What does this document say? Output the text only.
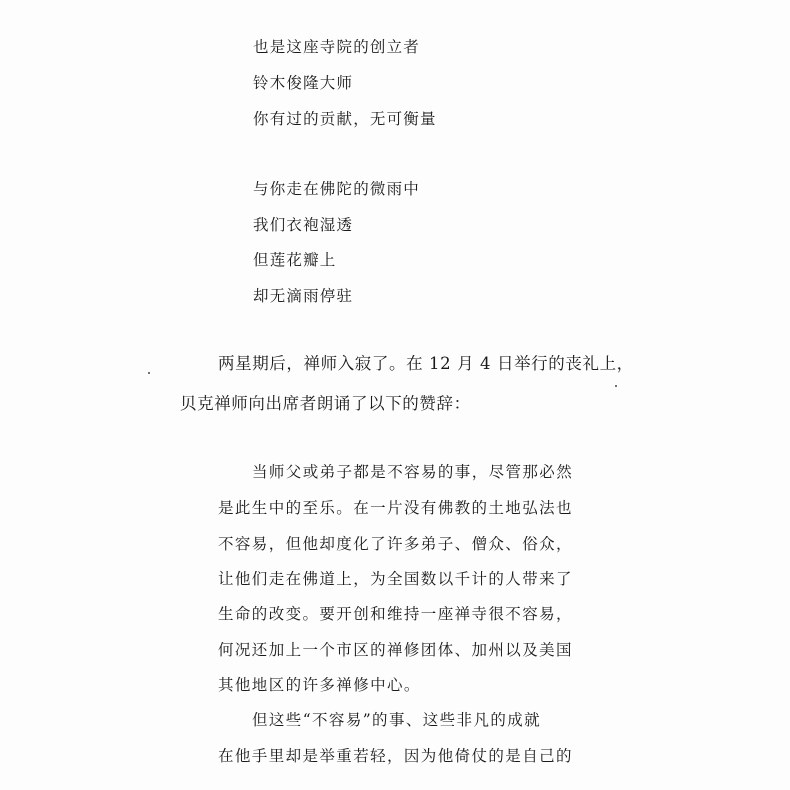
也是这座寺院的创立者
铃木俊隆大师
你有过的贡献，无可衡量
与你走在佛陀的微雨中
我们衣袍湿透
但莲花瓣上
却无滴雨停驻
两星期后，禅师入寂了。在 12 月 4 日举行的丧礼上，
贝克禅师向出席者朗诵了以下的赞辞：
当师父或弟子都是不容易的事，尽管那必然
是此生中的至乐。在一片没有佛教的土地弘法也
不容易，但他却度化了许多弟子、僧众、俗众，
让他们走在佛道上，为全国数以千计的人带来了
生命的改变。要开创和维持一座禅寺很不容易，
何况还加上一个市区的禅修团体、加州以及美国
其他地区的许多禅修中心。
但这些“不容易”的事、这些非凡的成就
在他手里却是举重若轻，因为他倚仗的是自己的
